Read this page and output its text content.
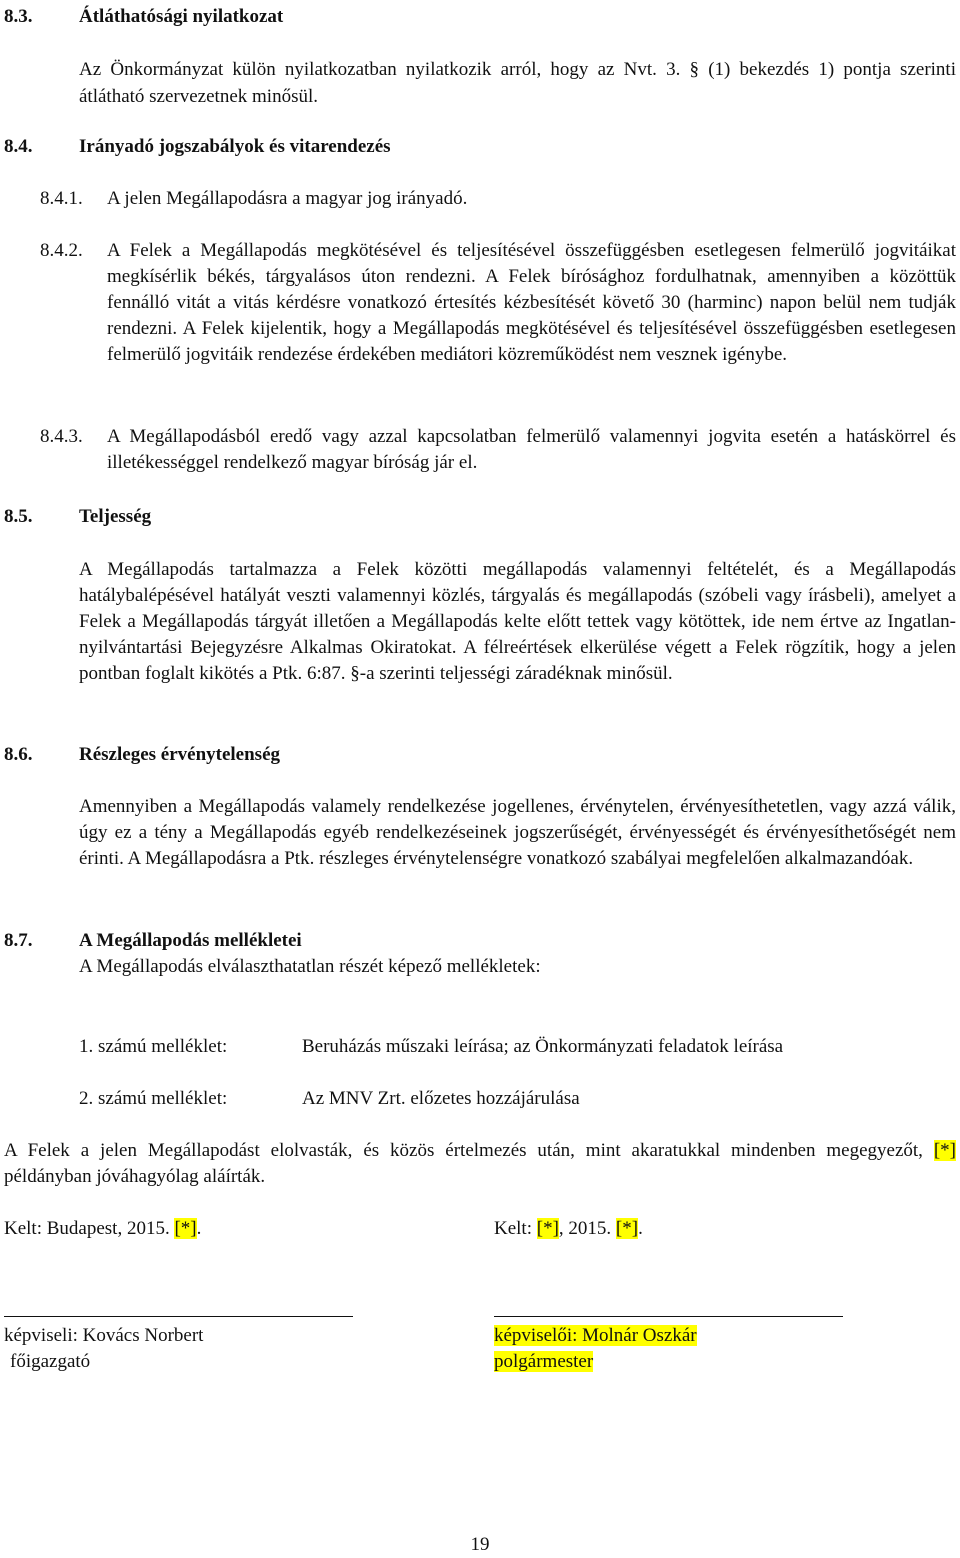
8.3. Átláthatósági nyilatkozat

Az Önkormányzat külön nyilatkozatban nyilatkozik arról, hogy az Nvt. 3. § (1) bekezdés 1) pontja szerinti átlátható szervezetnek minősül.

8.4. Irányadó jogszabályok és vitarendezés
8.4.1. A jelen Megállapodásra a magyar jog irányadó.

8.4.2. A Felek a Megállapodás megkötésével és teljesítésével összefüggésben esetlegesen felmerülő jogvitáikat megkísérlik békés, tárgyalásos úton rendezni. A Felek bírósághoz fordulhatnak, amennyiben a közöttük fennálló vitát a vitás kérdésre vonatkozó értesítés kézbesítését követő 30 (harminc) napon belül nem tudják rendezni. A Felek kijelentik, hogy a Megállapodás megkötésével és teljesítésével összefüggésben esetlegesen felmerülő jogvitáik rendezése érdekében mediátori közreműködést nem vesznek igénybe.

8.4.3. A Megállapodásból eredő vagy azzal kapcsolatban felmerülő valamennyi jogvita esetén a hatáskörrel és illetékességgel rendelkező magyar bíróság jár el.

8.5. Teljesség

A Megállapodás tartalmazza a Felek közötti megállapodás valamennyi feltételét, és a Megállapodás hatálybalépésével hatályát veszti valamennyi közlés, tárgyalás és megállapodás (szóbeli vagy írásbeli), amelyet a Felek a Megállapodás tárgyát illetően a Megállapodás kelte előtt tettek vagy kötöttek, ide nem értve az Ingatlan-nyilvántartási Bejegyzésre Alkalmas Okiratokat. A félreértések elkerülése végett a Felek rögzítik, hogy a jelen pontban foglalt kikötés a Ptk. 6:87. §-a szerinti teljességi záradéknak minősül.

8.6. Részleges érvénytelenség

Amennyiben a Megállapodás valamely rendelkezése jogellenes, érvénytelen, érvényesíthetetlen, vagy azzá válik, úgy ez a tény a Megállapodás egyéb rendelkezéseinek jogszerűségét, érvényességét és érvényesíthetőségét nem érinti. A Megállapodásra a Ptk. részleges érvénytelenségre vonatkozó szabályai megfelelően alkalmazandóak.

8.7. A Megállapodás mellékletei
A Megállapodás elválaszthatatlan részét képező mellékletek:
1. számú melléklet:	Beruházás műszaki leírása; az Önkormányzati feladatok leírása
2. számú melléklet:	Az MNV Zrt. előzetes hozzájárulása

A Felek a jelen Megállapodást elolvasták, és közös értelmezés után, mint akaratukkal mindenben megegyezőt, [*] példányban jóváhagyólag aláírták.

Kelt: Budapest, 2015. [*].	Kelt: [*], 2015. [*].
képviseli: Kovács Norbert
főigazgató
képviselői: Molnár Oszkár
polgármester
19
